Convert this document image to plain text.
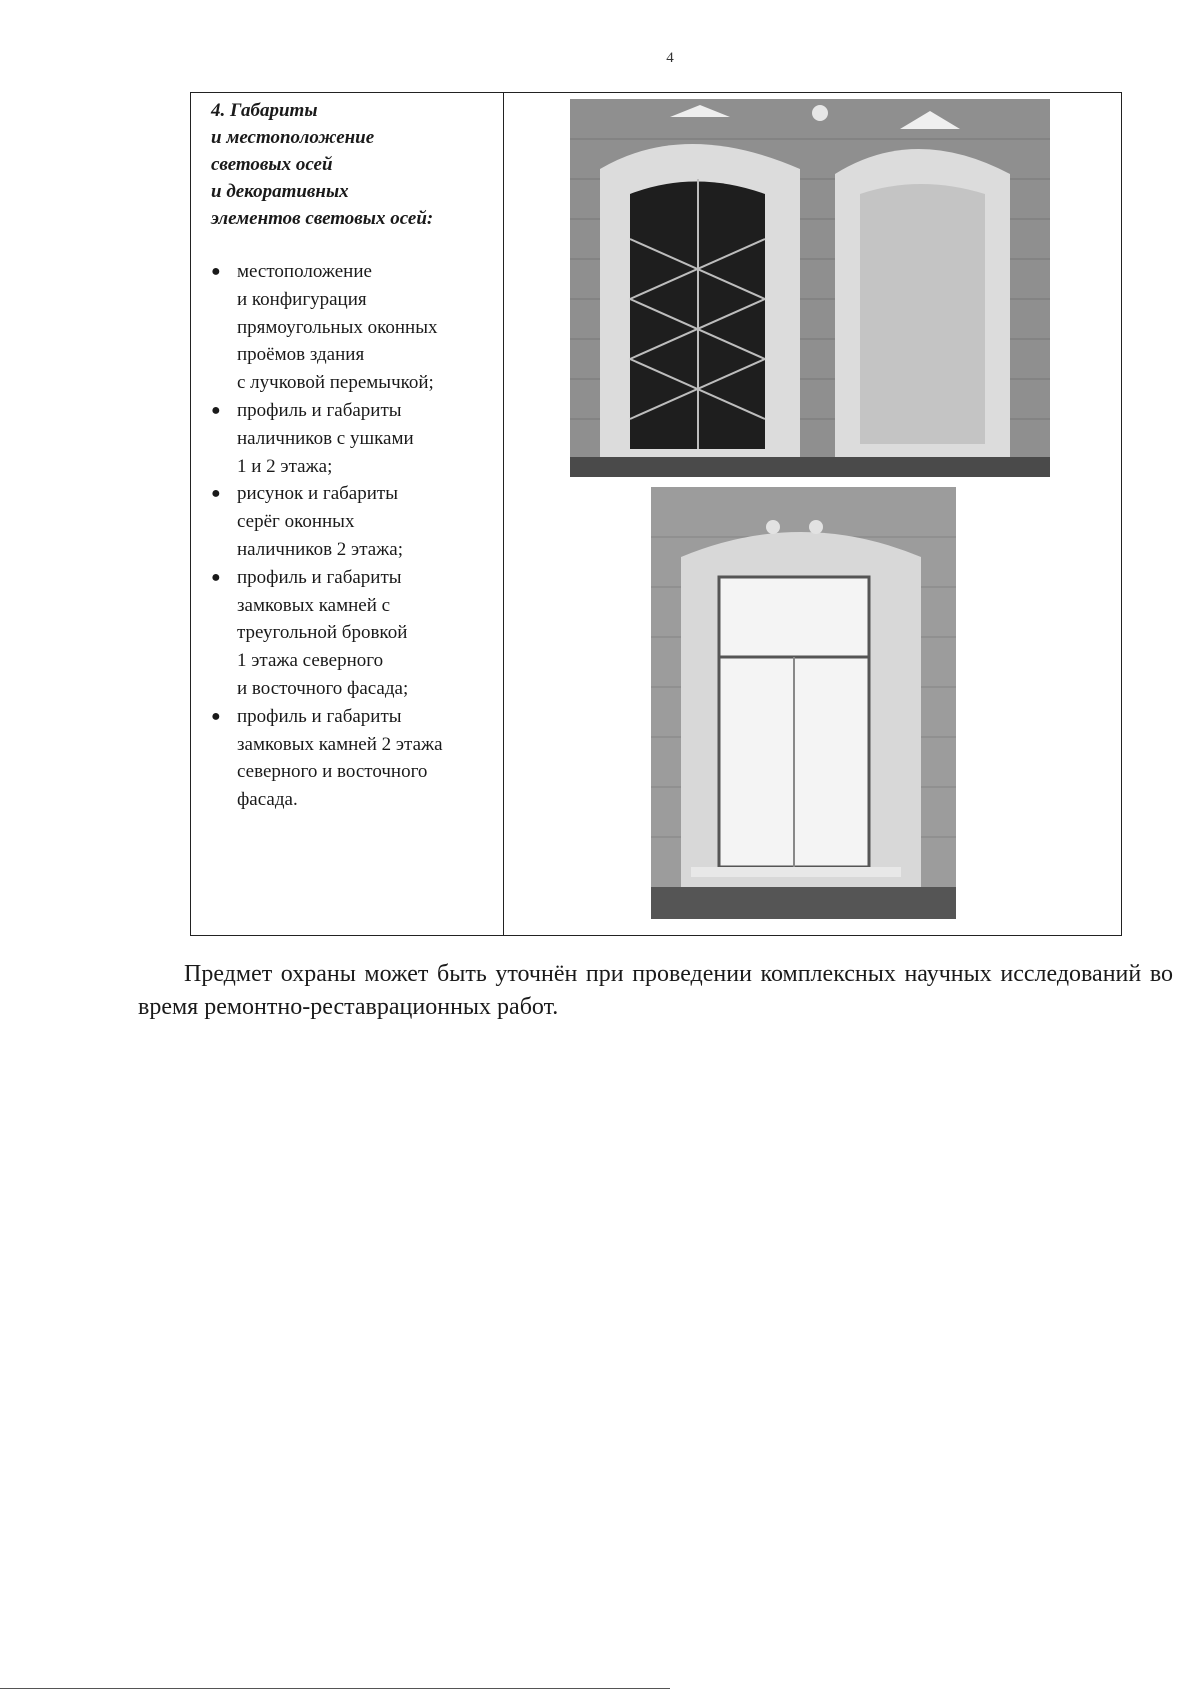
4

4. Габариты
и местоположение
световых осей
и декоративных
элементов световых осей:

● местоположение
и конфигурация
прямоугольных оконных
проёмов здания
с лучковой перемычкой;
● профиль и габариты
наличников с ушками
1 и 2 этажа;
● рисунок и габариты
серёг оконных
наличников 2 этажа;
● профиль и габариты
замковых камней с
треугольной бровкой
1 этажа северного
и восточного фасада;
● профиль и габариты
замковых камней 2 этажа
северного и восточного
фасада.

Предмет охраны может быть уточнён при проведении комплексных научных исследований во время ремонтно-реставрационных работ.
